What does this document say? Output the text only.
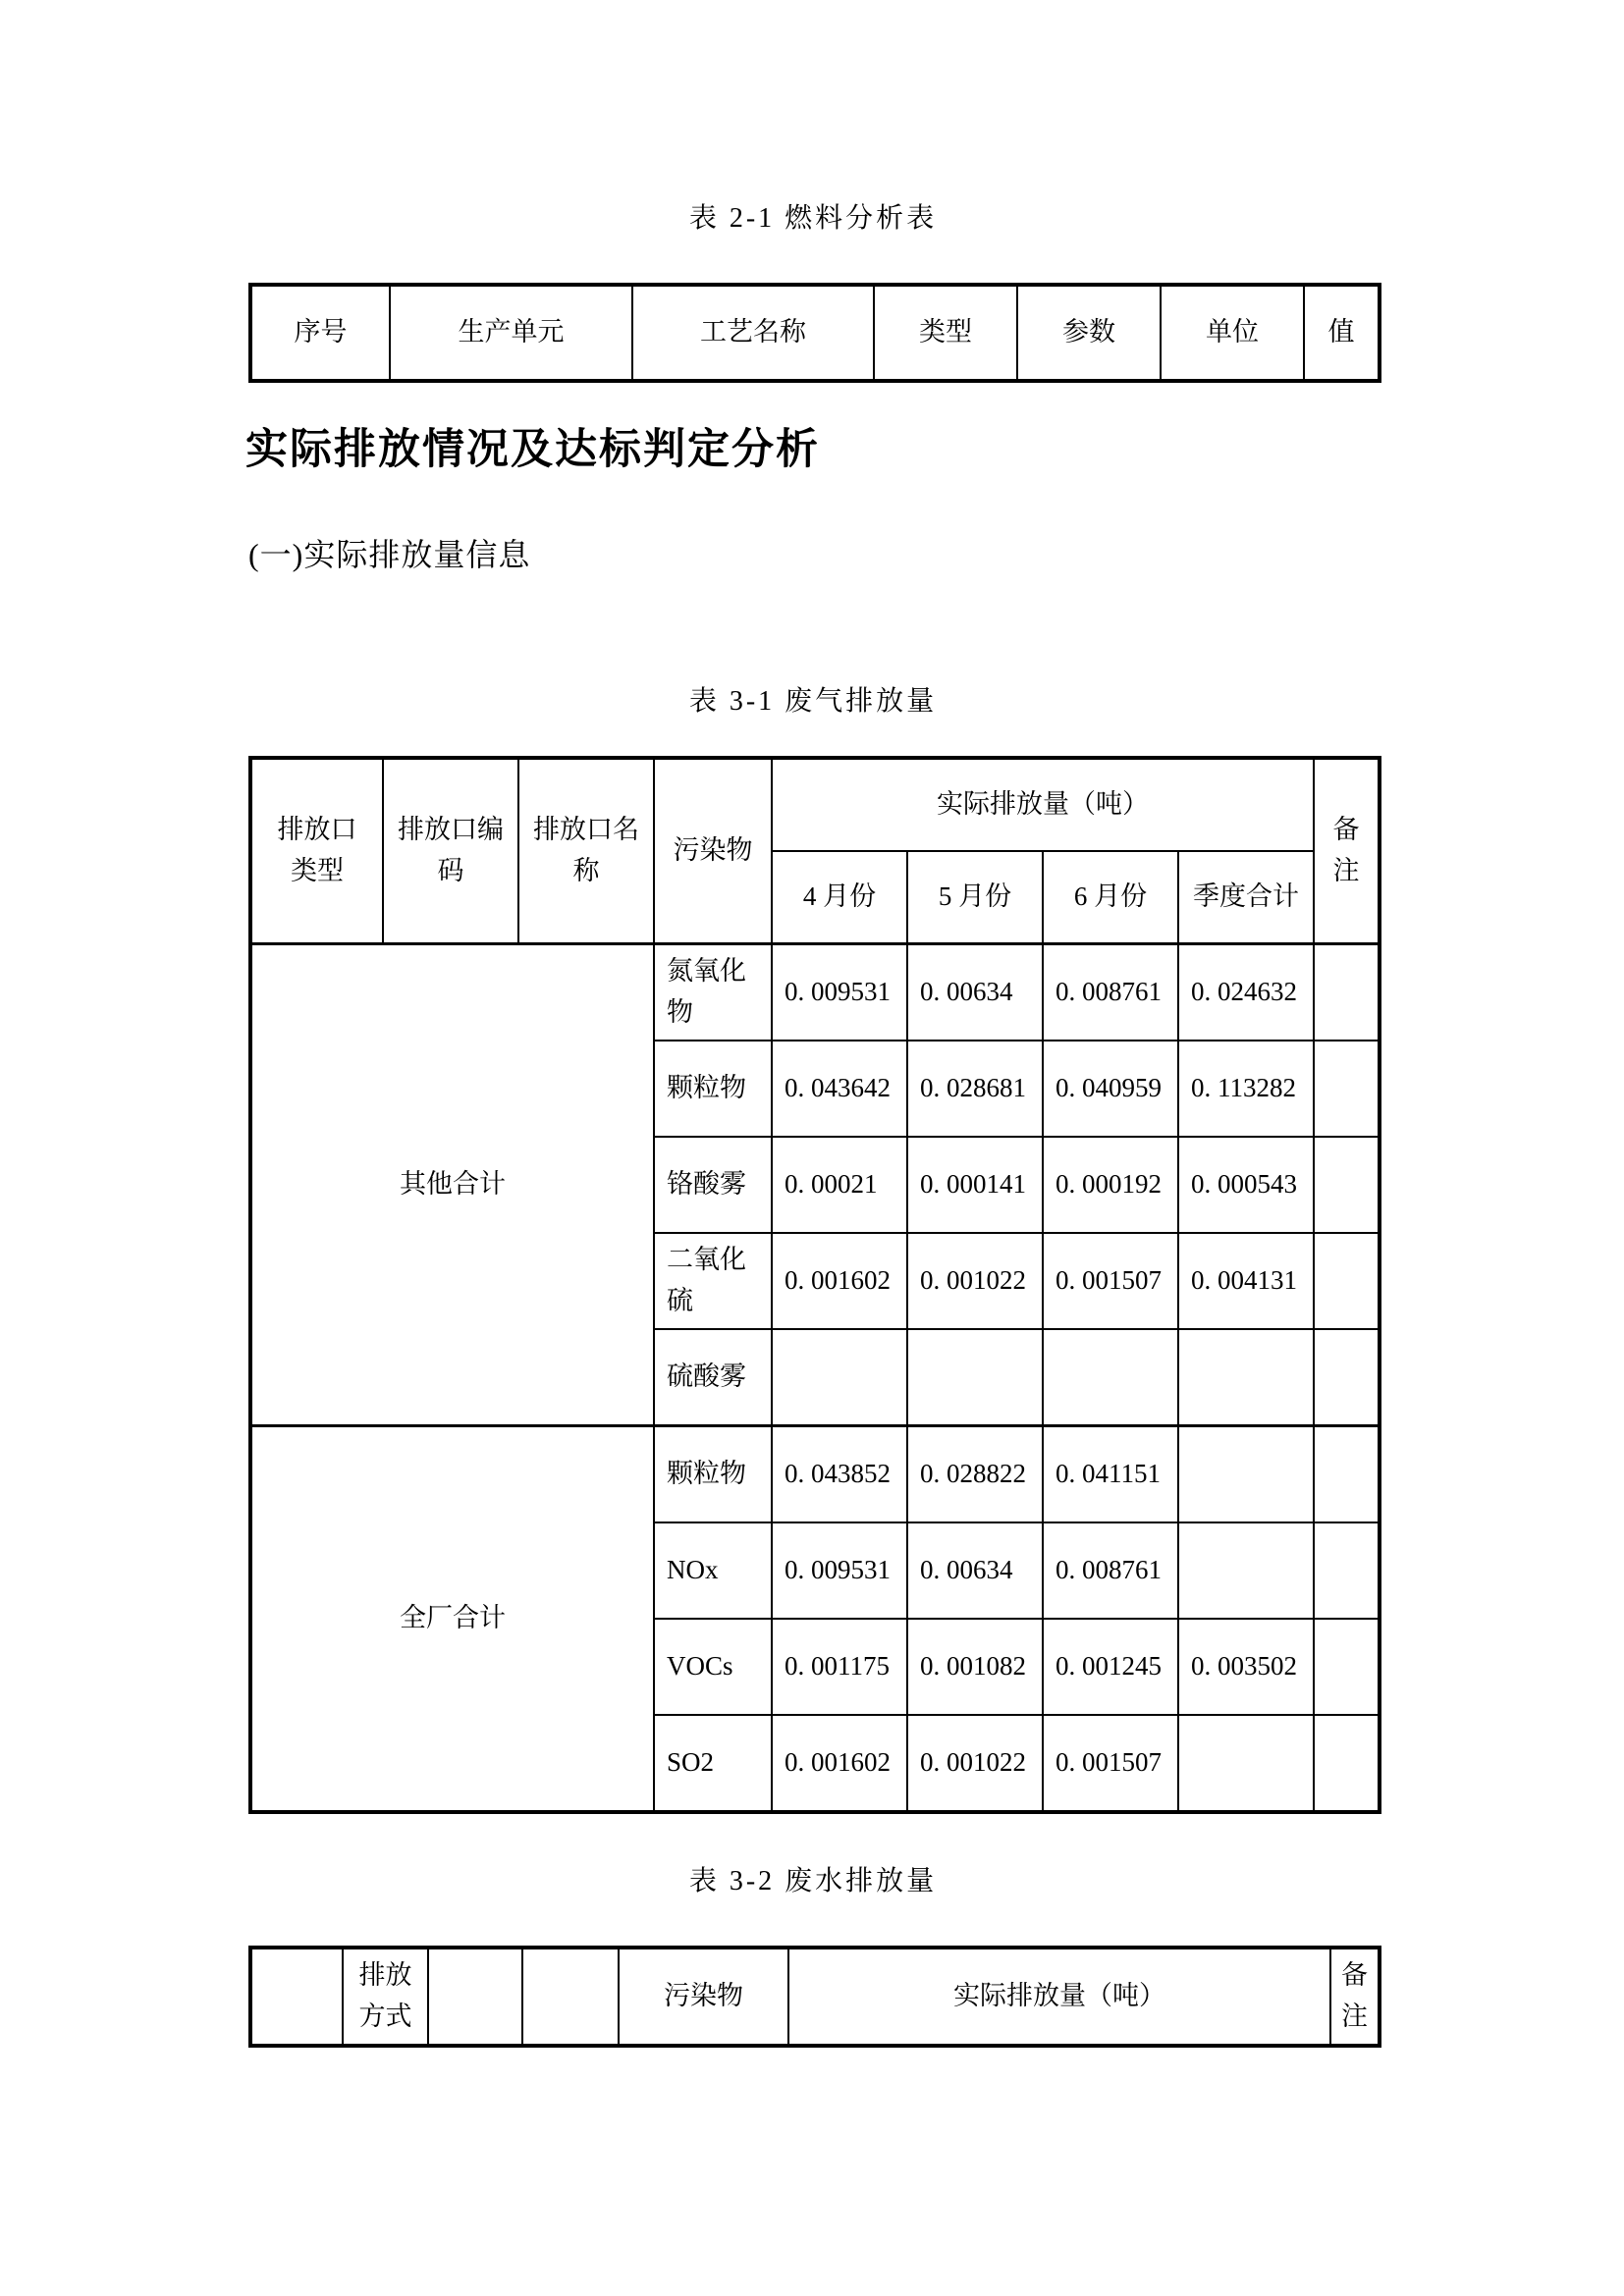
表 2-1 燃料分析表
序号	生产单元	工艺名称	类型	参数	单位	值
实际排放情况及达标判定分析
(一)实际排放量信息
表 3-1 废气排放量
排放口类型	排放口编码	排放口名称	污染物	实际排放量（吨）				备注
				4 月份	5 月份	6 月份	季度合计	
其他合计			氮氧化物	0. 009531	0. 00634	0. 008761	0. 024632	
			颗粒物	0. 043642	0. 028681	0. 040959	0. 113282	
			铬酸雾	0. 00021	0. 000141	0. 000192	0. 000543	
			二氧化硫	0. 001602	0. 001022	0. 001507	0. 004131	
			硫酸雾					
全厂合计			颗粒物	0. 043852	0. 028822	0. 041151		
			NOx	0. 009531	0. 00634	0. 008761		
			VOCs	0. 001175	0. 001082	0. 001245	0. 003502	
			SO2	0. 001602	0. 001022	0. 001507		
表 3-2 废水排放量
	排放方式			污染物	实际排放量（吨）	备注
